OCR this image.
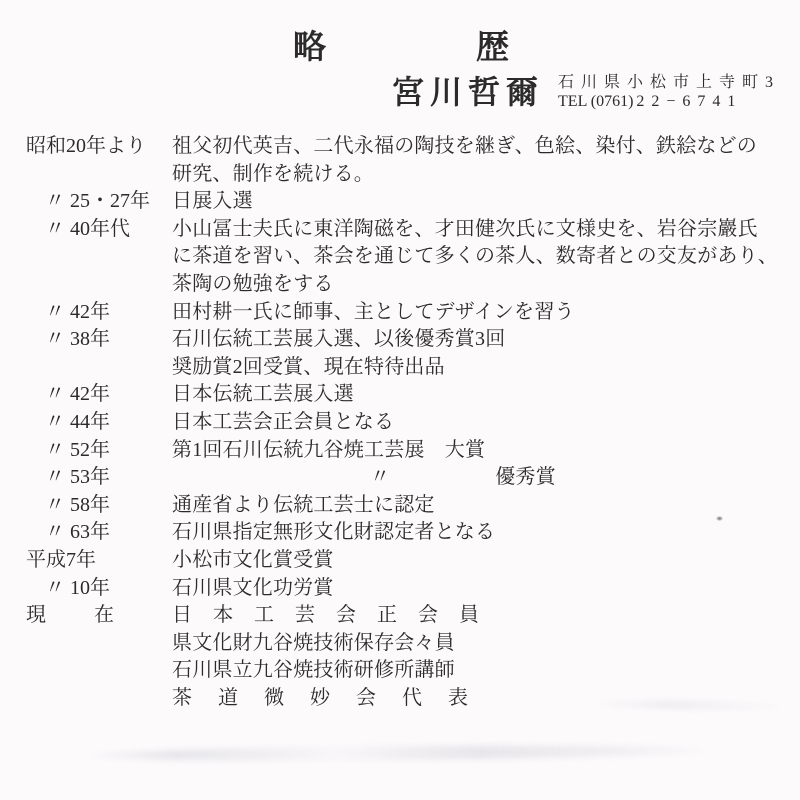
略歴
宮川哲爾 石川県小松市上寺町3
TEL (0761) 22−6741
昭和20年より	祖父初代英吉、二代永福の陶技を継ぎ、色絵、染付、鉄絵などの
研究、制作を続ける。
〃 25・27年	日展入選
〃 40年代	小山冨士夫氏に東洋陶磁を、才田健次氏に文様史を、岩谷宗巖氏
に茶道を習い、茶会を通じて多くの茶人、数寄者との交友があり、
茶陶の勉強をする
〃 42年	田村耕一氏に師事、主としてデザインを習う
〃 38年	石川伝統工芸展入選、以後優秀賞3回
奨励賞2回受賞、現在特待出品
〃 42年	日本伝統工芸展入選
〃 44年	日本工芸会正会員となる
〃 52年	第1回石川伝統九谷焼工芸展　大賞
〃 53年	〃	優秀賞
〃 58年	通産省より伝統工芸士に認定
〃 63年	石川県指定無形文化財認定者となる
平成7年	小松市文化賞受賞
〃 10年	石川県文化功労賞
現　在	日本工芸会正会員
県文化財九谷焼技術保存会々員
石川県立九谷焼技術研修所講師
茶道微妙会代表
